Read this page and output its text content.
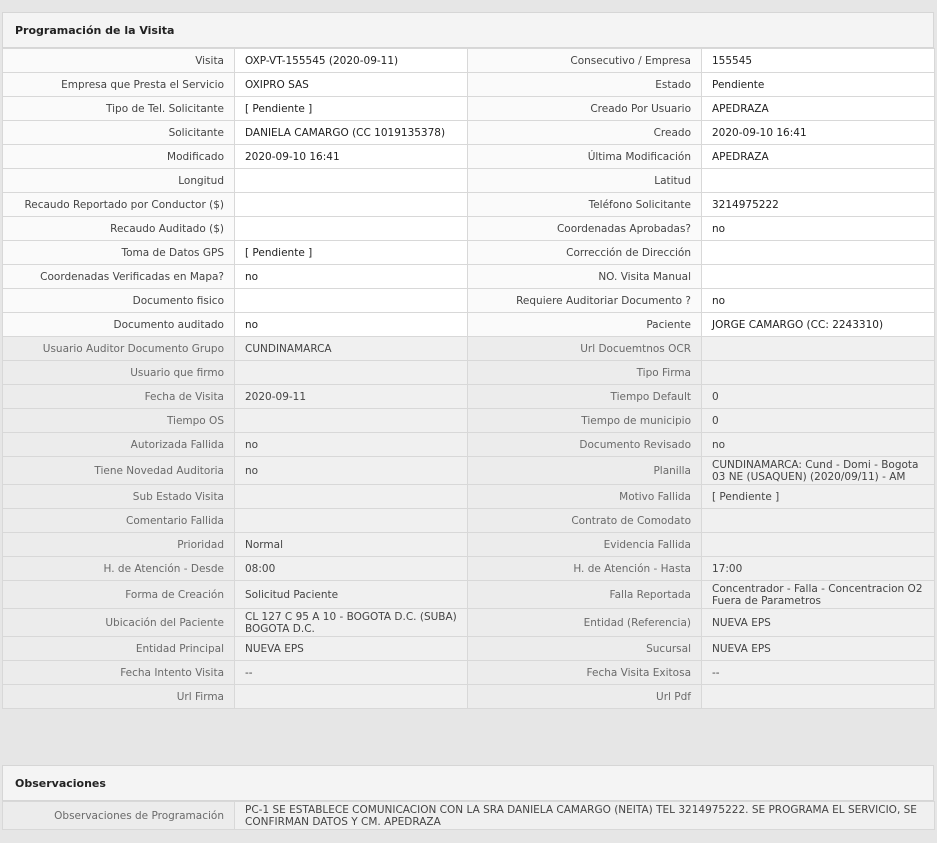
Programación de la Visita
Visita	OXP-VT-155545 (2020-09-11)	Consecutivo / Empresa	155545
Empresa que Presta el Servicio	OXIPRO SAS	Estado	Pendiente
Tipo de Tel. Solicitante	[ Pendiente ]	Creado Por Usuario	APEDRAZA
Solicitante	DANIELA CAMARGO (CC 1019135378)	Creado	2020-09-10 16:41
Modificado	2020-09-10 16:41	Última Modificación	APEDRAZA
Longitud		Latitud	
Recaudo Reportado por Conductor ($)		Teléfono Solicitante	3214975222
Recaudo Auditado ($)		Coordenadas Aprobadas?	no
Toma de Datos GPS	[ Pendiente ]	Corrección de Dirección	
Coordenadas Verificadas en Mapa?	no	NO. Visita Manual	
Documento fisico		Requiere Auditoriar Documento ?	no
Documento auditado	no	Paciente	JORGE CAMARGO (CC: 2243310)
Usuario Auditor Documento Grupo	CUNDINAMARCA	Url Docuemtnos OCR	
Usuario que firmo		Tipo Firma	
Fecha de Visita	2020-09-11	Tiempo Default	0
Tiempo OS		Tiempo de municipio	0
Autorizada Fallida	no	Documento Revisado	no
Tiene Novedad Auditoria	no	Planilla	CUNDINAMARCA: Cund - Domi - Bogota 03 NE (USAQUEN) (2020/09/11) - AM
Sub Estado Visita		Motivo Fallida	[ Pendiente ]
Comentario Fallida		Contrato de Comodato	
Prioridad	Normal	Evidencia Fallida	
H. de Atención - Desde	08:00	H. de Atención - Hasta	17:00
Forma de Creación	Solicitud Paciente	Falla Reportada	Concentrador - Falla - Concentracion O2 Fuera de Parametros
Ubicación del Paciente	CL 127 C 95 A 10 - BOGOTA D.C. (SUBA) BOGOTA D.C.	Entidad (Referencia)	NUEVA EPS
Entidad Principal	NUEVA EPS	Sucursal	NUEVA EPS
Fecha Intento Visita	--	Fecha Visita Exitosa	--
Url Firma		Url Pdf	
Observaciones
Observaciones de Programación	PC-1 SE ESTABLECE COMUNICACION CON LA SRA DANIELA CAMARGO (NEITA) TEL 3214975222. SE PROGRAMA EL SERVICIO, SE CONFIRMAN DATOS Y CM. APEDRAZA
